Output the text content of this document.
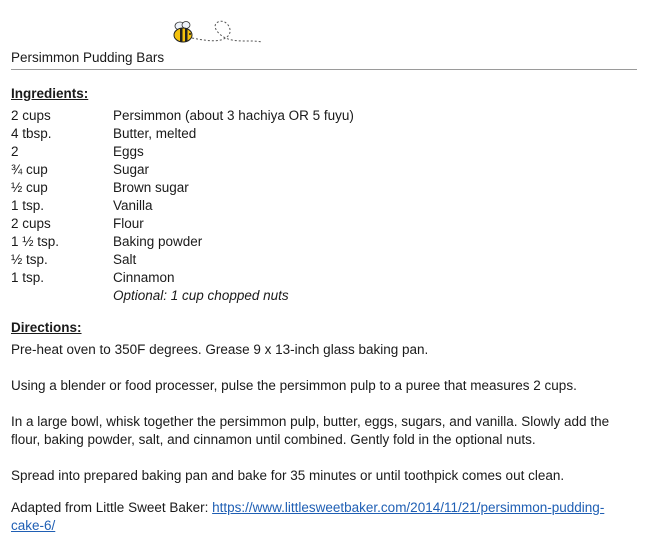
Persimmon Pudding Bars
Ingredients:
2 cups	Persimmon (about 3 hachiya OR 5 fuyu)
4 tbsp.	Butter, melted
2	Eggs
¾ cup	Sugar
½ cup	Brown sugar
1 tsp.	Vanilla
2 cups	Flour
1 ½ tsp.	Baking powder
½ tsp.	Salt
1 tsp.	Cinnamon
Optional: 1 cup chopped nuts
Directions:

Pre-heat oven to 350F degrees. Grease 9 x 13-inch glass baking pan.

Using a blender or food processer, pulse the persimmon pulp to a puree that measures 2 cups.

In a large bowl, whisk together the persimmon pulp, butter, eggs, sugars, and vanilla. Slowly add the flour, baking powder, salt, and cinnamon until combined. Gently fold in the optional nuts.

Spread into prepared baking pan and bake for 35 minutes or until toothpick comes out clean.

Adapted from Little Sweet Baker: https://www.littlesweetbaker.com/2014/11/21/persimmon-pudding-cake-6/
